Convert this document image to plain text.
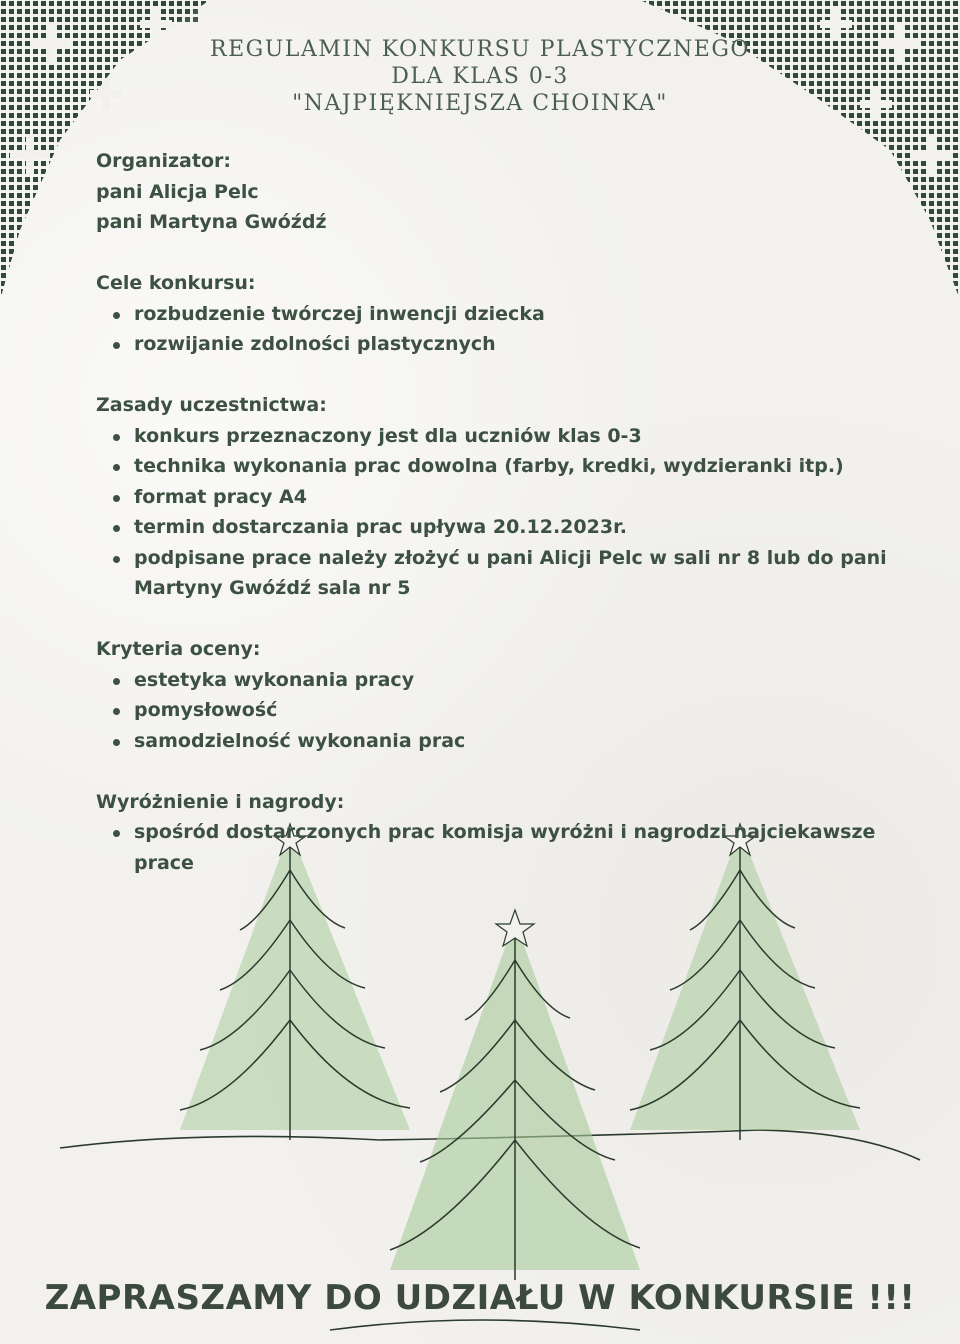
REGULAMIN KONKURSU PLASTYCZNEGO
DLA KLAS 0-3
"NAJPIĘKNIEJSZA CHOINKA"
Organizator:
pani Alicja Pelc
pani Martyna Gwóźdź
Cele konkursu:
rozbudzenie twórczej inwencji dziecka
rozwijanie zdolności plastycznych
Zasady uczestnictwa:
konkurs przeznaczony jest dla uczniów klas 0-3
technika wykonania prac dowolna (farby, kredki, wydzieranki itp.)
format pracy A4
termin dostarczania prac upływa 20.12.2023r.
podpisane prace należy złożyć u pani Alicji Pelc w sali nr 8 lub do pani Martyny Gwóźdź sala nr 5
Kryteria oceny:
estetyka wykonania pracy
pomysłowość
samodzielność wykonania prac
Wyróżnienie i nagrody:
spośród dostarczonych prac komisja wyróżni i nagrodzi najciekawsze prace
ZAPRASZAMY DO UDZIAŁU W KONKURSIE !!!
